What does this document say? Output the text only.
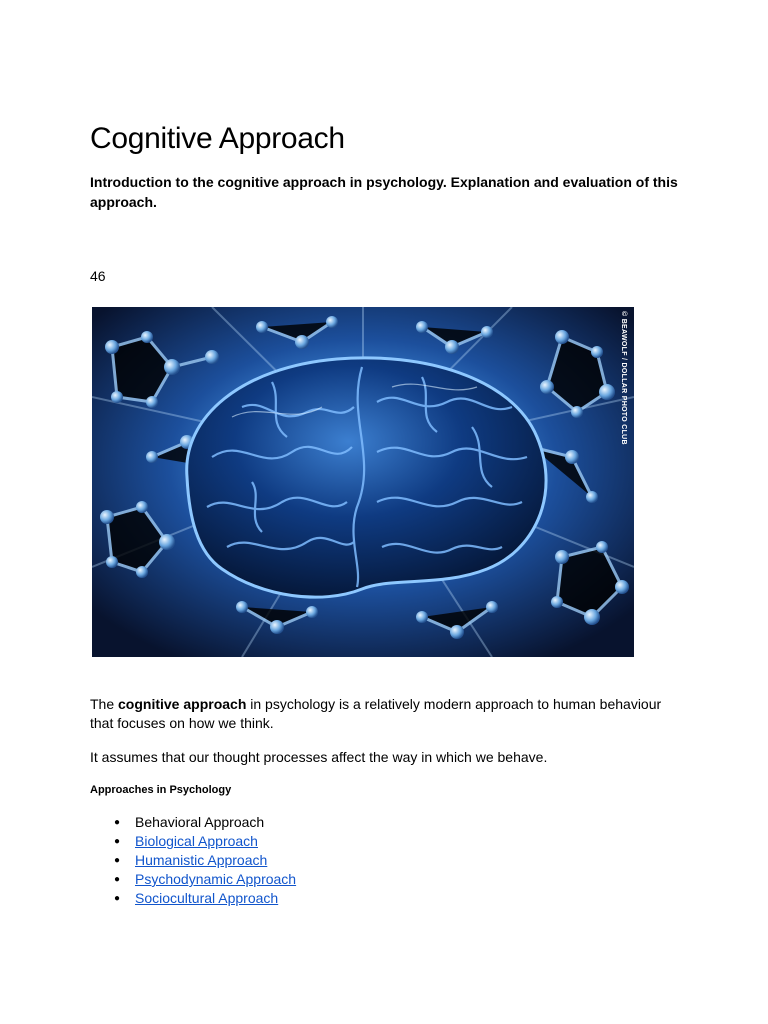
Cognitive Approach

Introduction to the cognitive approach in psychology. Explanation and evaluation of this approach.

46

© BEAWOLF / DOLLAR PHOTO CLUB

The cognitive approach in psychology is a relatively modern approach to human behaviour that focuses on how we think.

It assumes that our thought processes affect the way in which we behave.

Approaches in Psychology
● Behavioral Approach
● Biological Approach
● Humanistic Approach
● Psychodynamic Approach
● Sociocultural Approach
